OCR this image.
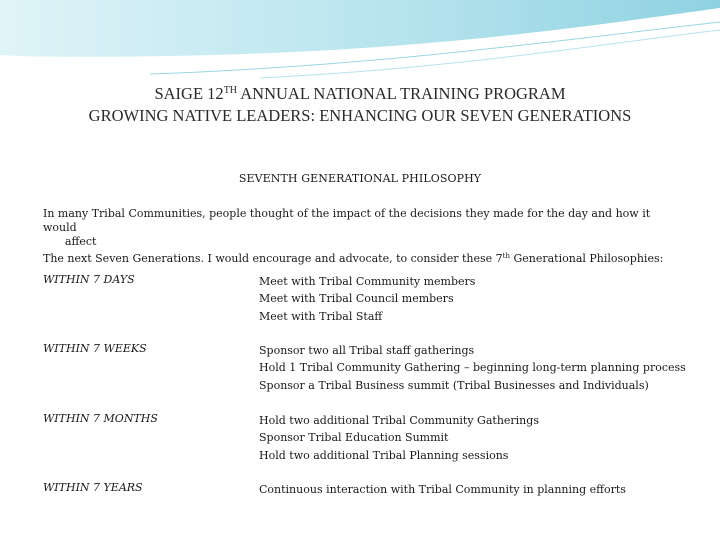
SAIGE 12TH ANNUAL NATIONAL TRAINING PROGRAM
GROWING NATIVE LEADERS: ENHANCING OUR SEVEN GENERATIONS
SEVENTH GENERATIONAL PHILOSOPHY
In many Tribal Communities, people thought of the impact of the decisions they made for the day and how it would
affect
The next Seven Generations. I would encourage and advocate, to consider these 7th Generational Philosophies:
WITHIN 7 DAYS	Meet with Tribal Community members
Meet with Tribal Council members
Meet with Tribal Staff
WITHIN 7 WEEKS	Sponsor two all Tribal staff gatherings
Hold 1 Tribal Community Gathering – beginning long-term planning process
Sponsor a Tribal Business summit (Tribal Businesses and Individuals)
WITHIN 7 MONTHS	Hold two additional Tribal Community Gatherings
Sponsor Tribal Education Summit
Hold two additional Tribal Planning sessions
WITHIN 7 YEARS	Continuous interaction with Tribal Community in planning efforts
